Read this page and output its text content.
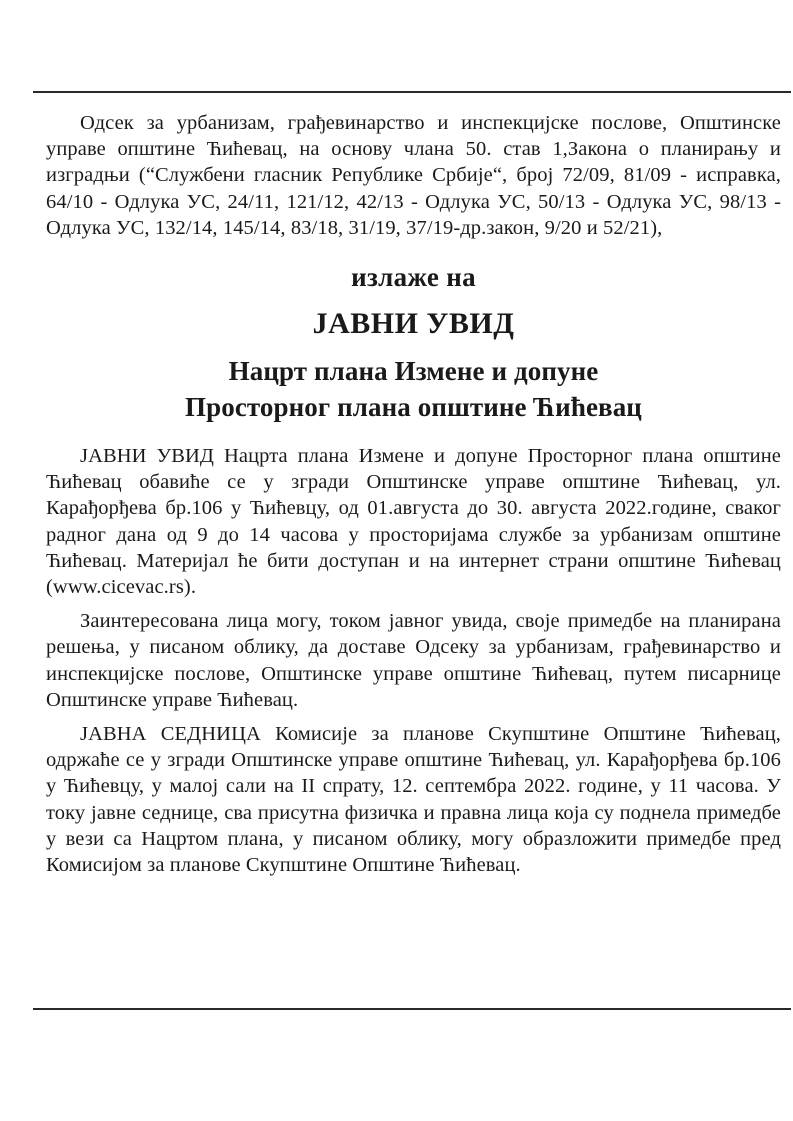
Одсек за урбанизам, грађевинарство и инспекцијске послове, Општинске управе општине Ћићевац, на основу члана 50. став 1,Закона о планирању и изградњи (“Службени гласник Републике Србије“, број 72/09, 81/09 - исправка, 64/10 - Одлука УС, 24/11, 121/12, 42/13 - Одлука УС, 50/13 - Одлука УС, 98/13 - Одлука УС, 132/14, 145/14, 83/18, 31/19, 37/19-др.закон, 9/20 и 52/21),

излаже на

ЈАВНИ УВИД

Нацрт плана Измене и допуне

Просторног плана општине Ћићевац

ЈАВНИ УВИД Нацрта плана Измене и допуне Просторног плана општине Ћићевац обавиће се у згради Општинске управе општине Ћићевац, ул. Карађорђева бр.106 у Ћићевцу, од 01.августа до 30. августа 2022.године, сваког радног дана од 9 до 14 часова у просторијама службе за урбанизам општине Ћићевац. Материјал ће бити доступан и на интернет страни општине Ћићевац (www.cicevac.rs).

Заинтересована лица могу, током јавног увида, своје примедбе на планирана решења, у писаном облику, да доставе Одсеку за урбанизам, грађевинарство и инспекцијске послове, Општинске управе општине Ћићевац, путем писарнице Општинске управе Ћићевац.

ЈАВНА СЕДНИЦА Комисије за планове Скупштине Општине Ћићевац, одржаће се у згради Општинске управе општине Ћићевац, ул. Карађорђева бр.106 у Ћићевцу, у малој сали на II спрату, 12. септембра 2022. године, у 11 часова. У току јавне седнице, сва присутна физичка и правна лица која су поднела примедбе у вези са Нацртом плана, у писаном облику, могу образложити примедбе пред Комисијом за планове Скупштине Општине Ћићевац.
